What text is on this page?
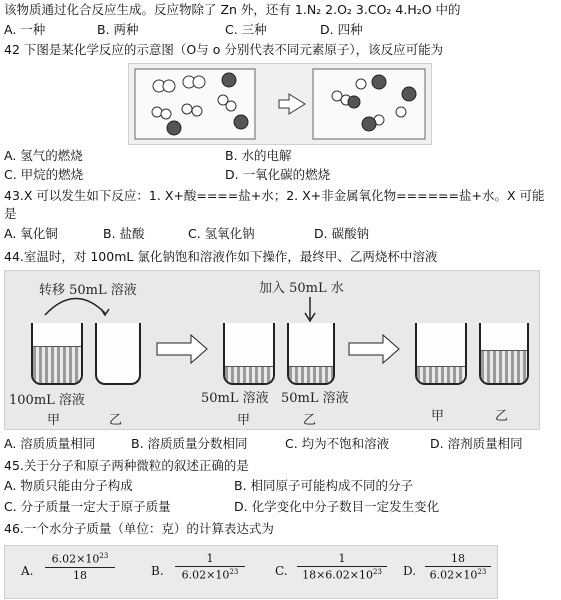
该物质通过化合反应生成。反应物除了 Zn 外，还有 1.N₂ 2.O₂ 3.CO₂ 4.H₂O 中的
A. 一种	B. 两种	C. 三种	D. 四种
42 下图是某化学反应的示意图（O与 o 分别代表不同元素原子），该反应可能为
A. 氢气的燃烧	B. 水的电解
C. 甲烷的燃烧	D. 一氧化碳的燃烧
43.X 可以发生如下反应：1. X+酸====盐+水；2. X+非金属氧化物======盐+水。X 可能
是
A. 氧化铜	B. 盐酸	C. 氢氧化钠	D. 碳酸钠
44.室温时，对 100mL 氯化钠饱和溶液作如下操作，最终甲、乙两烧杯中溶液
转移 50mL 溶液	加入 50mL 水
100mL 溶液	50mL 溶液 50mL 溶液
甲	乙	甲	乙	甲	乙
A. 溶质质量相同	B. 溶质质量分数相同	C. 均为不饱和溶液	D. 溶剂质量相同
45.关于分子和原子两种微粒的叙述正确的是
A. 物质只能由分子构成	B. 相同原子可能构成不同的分子
C. 分子质量一定大于原子质量	D. 化学变化中分子数目一定发生变化
46.一个水分子质量（单位：克）的计算表达式为
A.
$6.02\times 10^{23}$
18	B.
1
$6.02\times 10^{23}$	C.
1
$18\times 6.02\times 10^{23}$	D.
18
$6.02\times 10^{23}$
